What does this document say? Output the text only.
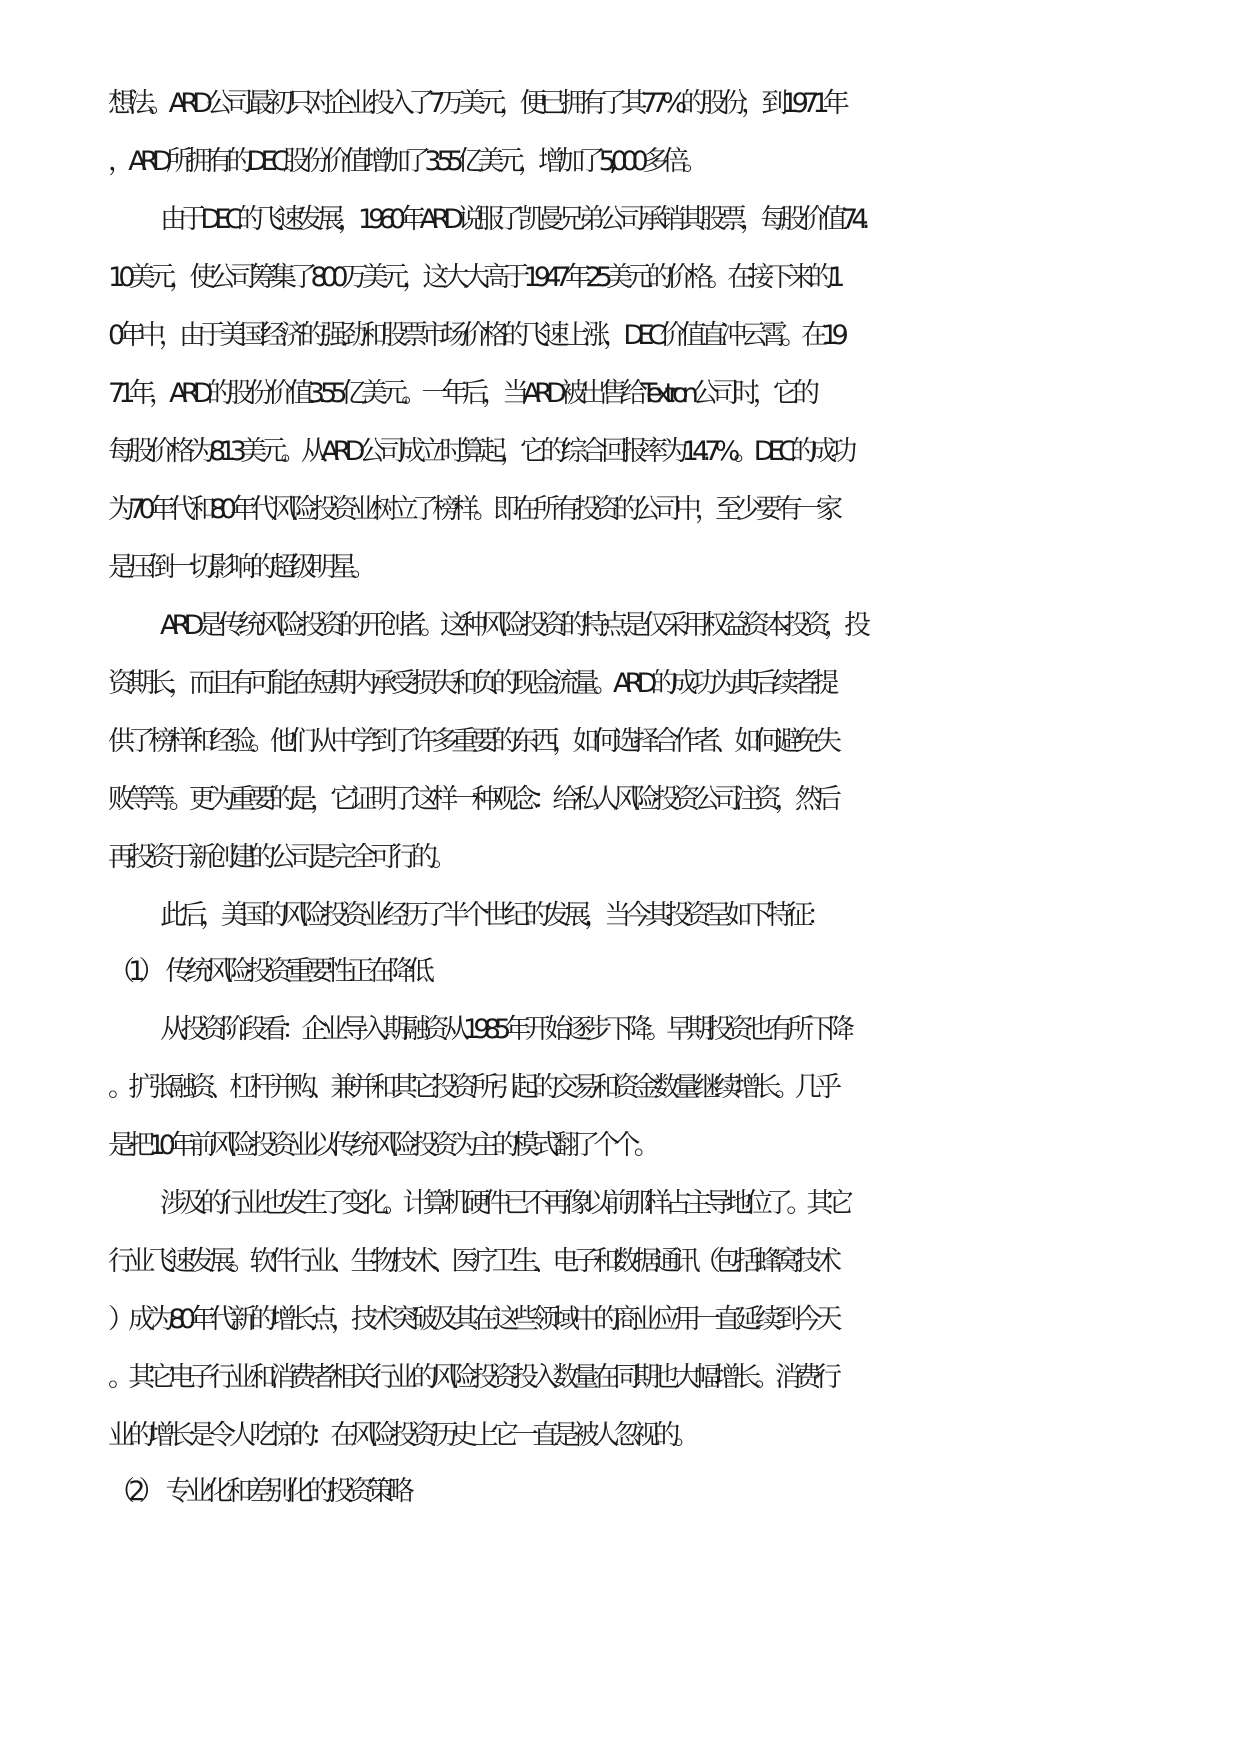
想法。ARD公司最初只对企业投入了7万美元，便已拥有了其77%的股份，到1971年
，ARD所拥有的DEC股份价值增加了3.55亿美元，增加了5,000多倍。
由于DEC的飞速发展，1960年ARD说服了凯曼兄弟公司承销其股票，每股价值74.
10美元，使公司筹集了800万美元，这大大高于1947年25美元的价格。在接下来的1
0年中，由于美国经济的强劲和股票市场价格的飞速上涨，DEC价值直冲云霄。在19
71年，ARD的股份价值3.55亿美元。一年后，当ARD被出售给Textron公司时，它的
每股价格为813美元。从ARD公司成立时算起，它的综合回报率为14.7%。DEC的成功
为70年代和80年代风险投资业树立了榜样。即在所有投资的公司中，至少要有一家
是压倒一切影响的超级明星。
ARD是传统风险投资的开创者。这种风险投资的特点是仅采用权益资本投资，投
资期长，而且有可能在短期内承受损失和负的现金流量。ARD的成功为其后续者提
供了榜样和经验。他们从中学到了许多重要的东西，如何选择合作者、如何避免失
败等等。更为重要的是，它证明了这样一种观念：给私人风险投资公司注资，然后
再投资于新创建的公司是完全可行的。
此后，美国的风险投资业经历了半个世纪的发展，当今其投资呈如下特征：
（1）　传统风险投资重要性正在降低
从投资阶段看：企业导入期融资从1985年开始逐步下降。早期投资也有所下降
。扩张融资、杠杆并购、兼并和其它投资所引起的交易和资金数量继续增长。几乎
是把10年前风险投资业以传统风险投资为主的模式翻了个个。
涉及的行业也发生了变化。计算机硬件已不再像以前那样占主导地位了。其它
行业飞速发展。软件行业、生物技术、医疗卫生、电子和数据通讯（包括蜂窝技术
）成为80年代新的增长点，技术突破及其在这些领域中的商业应用一直延续到今天
。其它电子行业和消费者相关行业的风险投资投入数量在同期也大幅增长。消费行
业的增长是令人吃惊的：在风险投资历史上它一直是被人忽视的。
（2）　专业化和差别化的投资策略
